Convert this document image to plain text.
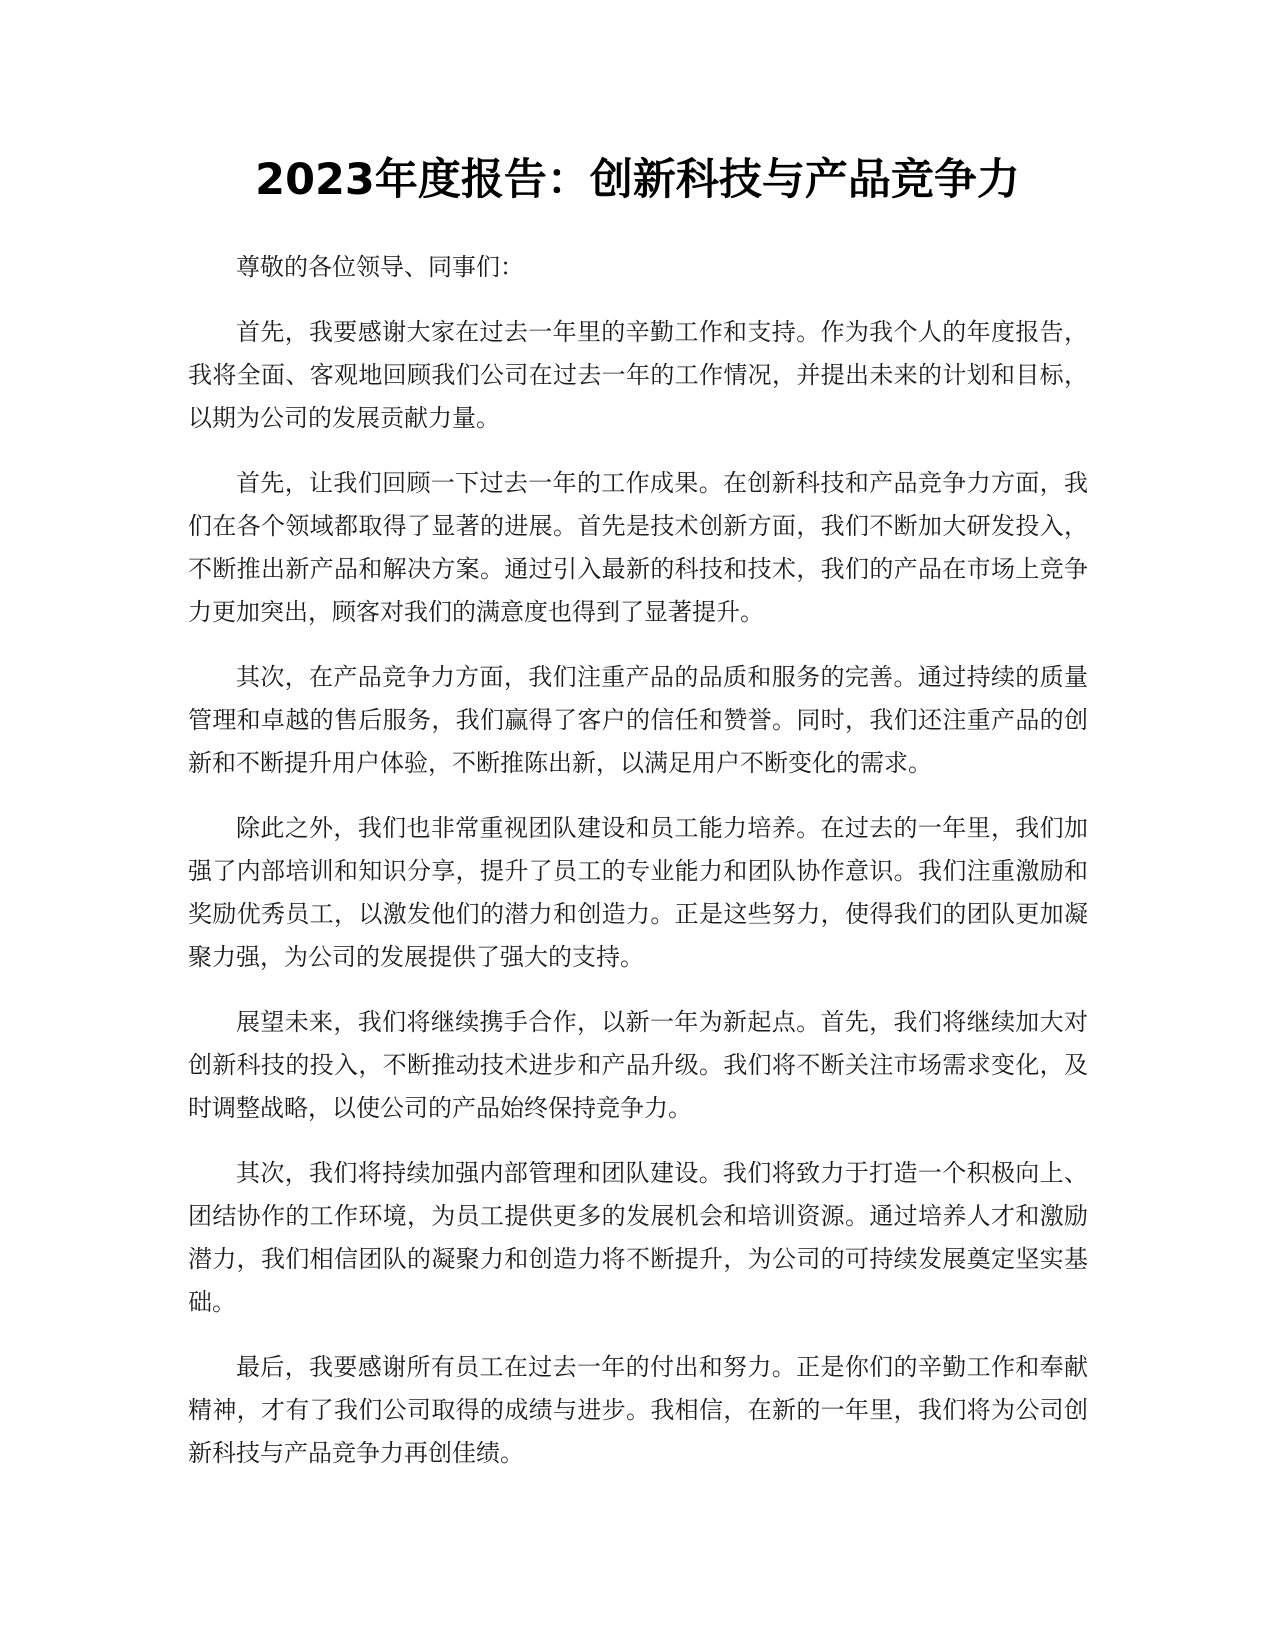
2023年度报告：创新科技与产品竞争力

尊敬的各位领导、同事们：

首先，我要感谢大家在过去一年里的辛勤工作和支持。作为我个人的年度报告，我将全面、客观地回顾我们公司在过去一年的工作情况，并提出未来的计划和目标，以期为公司的发展贡献力量。

首先，让我们回顾一下过去一年的工作成果。在创新科技和产品竞争力方面，我们在各个领域都取得了显著的进展。首先是技术创新方面，我们不断加大研发投入，不断推出新产品和解决方案。通过引入最新的科技和技术，我们的产品在市场上竞争力更加突出，顾客对我们的满意度也得到了显著提升。

其次，在产品竞争力方面，我们注重产品的品质和服务的完善。通过持续的质量管理和卓越的售后服务，我们赢得了客户的信任和赞誉。同时，我们还注重产品的创新和不断提升用户体验，不断推陈出新，以满足用户不断变化的需求。

除此之外，我们也非常重视团队建设和员工能力培养。在过去的一年里，我们加强了内部培训和知识分享，提升了员工的专业能力和团队协作意识。我们注重激励和奖励优秀员工，以激发他们的潜力和创造力。正是这些努力，使得我们的团队更加凝聚力强，为公司的发展提供了强大的支持。

展望未来，我们将继续携手合作，以新一年为新起点。首先，我们将继续加大对创新科技的投入，不断推动技术进步和产品升级。我们将不断关注市场需求变化，及时调整战略，以使公司的产品始终保持竞争力。

其次，我们将持续加强内部管理和团队建设。我们将致力于打造一个积极向上、团结协作的工作环境，为员工提供更多的发展机会和培训资源。通过培养人才和激励潜力，我们相信团队的凝聚力和创造力将不断提升，为公司的可持续发展奠定坚实基础。

最后，我要感谢所有员工在过去一年的付出和努力。正是你们的辛勤工作和奉献精神，才有了我们公司取得的成绩与进步。我相信，在新的一年里，我们将为公司创新科技与产品竞争力再创佳绩。
